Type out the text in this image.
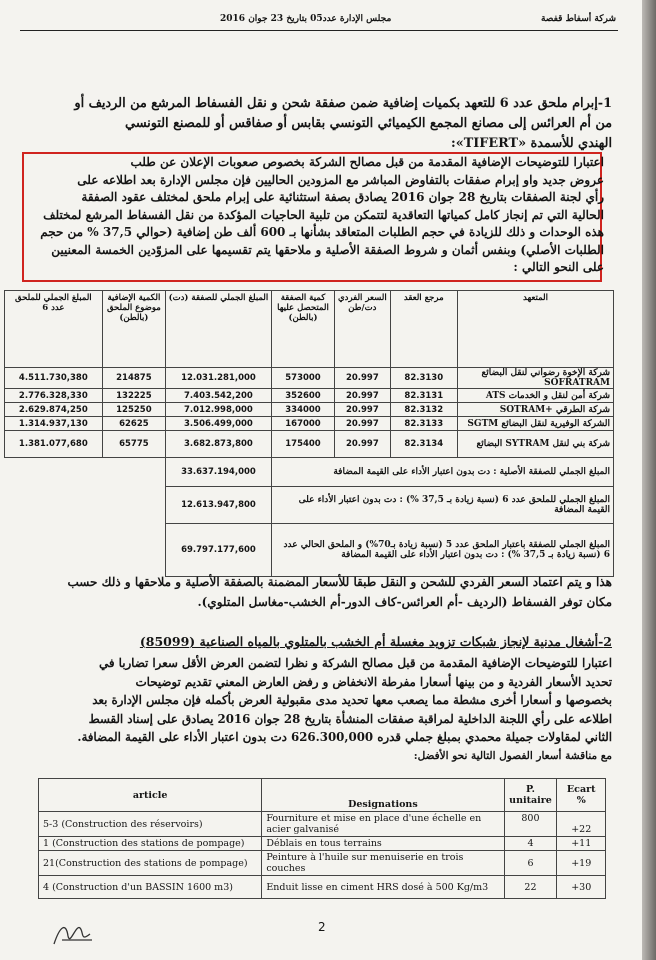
شركة أسفاط قفصة
مجلس الإدارة عدد05 بتاريخ 23 جوان 2016
1-إبرام ملحق عدد 6 للتعهد بكميات إضافية ضمن صفقة شحن و نقل الفسفاط المرشع من الرديف أو
من أم العرائس إلى مصانع المجمع الكيميائي التونسي بقابس أو صفاقس أو للمصنع التونسي
الهندي للأسمدة «TIFERT»:
اعتبارا للتوضيحات الإضافية المقدمة من قبل مصالح الشركة بخصوص صعوبات الإعلان عن طلب
عروض جديد واو إبرام صفقات بالتفاوض المباشر مع المزودين الحاليين فإن مجلس الإدارة بعد اطلاعه على
رأي لجنة الصفقات بتاريخ 28 جوان 2016 يصادق بصفة استثنائية على إبرام ملحق لمختلف عقود الصفقة
الحالية التي تم إنجاز كامل كمياتها التعاقدية لتتمكن من تلبية الحاجيات المؤكدة من نقل الفسفاط المرشع لمختلف
هذه الوحدات و ذلك للزيادة في حجم الطلبات المتعاقد بشأنها بـ 600 ألف طن إضافية (حوالي 37,5 % من حجم
الطلبات الأصلي) وبنفس أثمان و شروط الصفقة الأصلية و ملاحقها يتم تقسيمها على المزوّدين الخمسة المعنيين
على النحو التالي :
المتعهد	مرجع العقد	السعر الفردي دت/طن	كمية الصفقة المتحصل عليها (بالطن)	المبلغ الجملي للصفقة (دت)	الكمية الإضافية موضوع الملحق (بالطن)	المبلغ الجملي للملحق عدد 6
شركة الإخوة رضواني لنقل البضائع SOFRATRAM	82.3130	20.997	573000	12.031.281,000	214875	4.511.730,380
شركة أمن لنقل و الخدمات ATS	82.3131	20.997	352600	7.403.542,200	132225	2.776.328,330
شركة الطرقي +SOTRAM	82.3132	20.997	334000	7.012.998,000	125250	2.629.874,250
الشركة الوفيرية لنقل البضائع SGTM	82.3133	20.997	167000	3.506.499,000	62625	1.314.937,130
شركة بني لنقل SYTRAM البضائع	82.3134	20.997	175400	3.682.873,800	65775	1.381.077,680
المبلغ الجملي للصفقة الأصلية : دت بدون اعتبار الأداء على القيمة المضافة				33.637.194,000		
المبلغ الجملي للملحق عدد 6 (نسبة زيادة بـ 37,5 %) : دت بدون اعتبار الأداء على القيمة المضافة				12.613.947,800		
المبلغ الجملي للصفقة باعتبار الملحق عدد 5 (نسبة زيادة بـ70%) و الملحق الحالي عدد 6 (نسبة زيادة بـ 37,5 %) : دت بدون اعتبار الأداء على القيمة المضافة				69.797.177,600		
هذا و يتم اعتماد السعر الفردي للشحن و النقل طبقا للأسعار المضمنة بالصفقة الأصلية و ملاحقها و ذلك حسب
مكان توفر الفسفاط (الرديف -أم العرائس-كاف الدور-أم الخشب-مغاسل المتلوي).
2-أشغال مدنية لإنجاز شبكات تزويد مغسلة أم الخشب بالمتلوي بالمياه الصناعية (85099)
اعتبارا للتوضيحات الإضافية المقدمة من قبل مصالح الشركة و نظرا لتضمن العرض الأقل سعرا تضاربا في
تحديد الأسعار الفردية و من بينها أسعارا مفرطة الانخفاض و رفض العارض المعني تقديم توضيحات
بخصوصها و أسعارا أخرى مشطة مما يصعب معها تحديد مدى مقبولية العرض بأكمله فإن مجلس الإدارة بعد
اطلاعه على رأي اللجنة الداخلية لمراقبة صفقات المنشأة بتاريخ 28 جوان 2016 يصادق على إسناد القسط
الثاني لمقاولات جميلة محمدي بمبلغ جملي قدره 626.300,000 دت بدون اعتبار الأداء على القيمة المضافة.
مع مناقشة أسعار الفصول التالية نحو الأفضل:
article	Designations	P. unitaire	Ecart %
5-3 (Construction des réservoirs)	Fourniture et mise en place d'une échelle en acier galvanisé	800	+22
1 (Construction des stations de pompage)	Déblais en tous terrains	4	+11
21(Construction des stations de pompage)	Peinture à l'huile sur menuiserie en trois couches	6	+19
4 (Construction d'un BASSIN 1600 m3)	Enduit lisse en ciment HRS dosé à 500 Kg/m3	22	+30
2
